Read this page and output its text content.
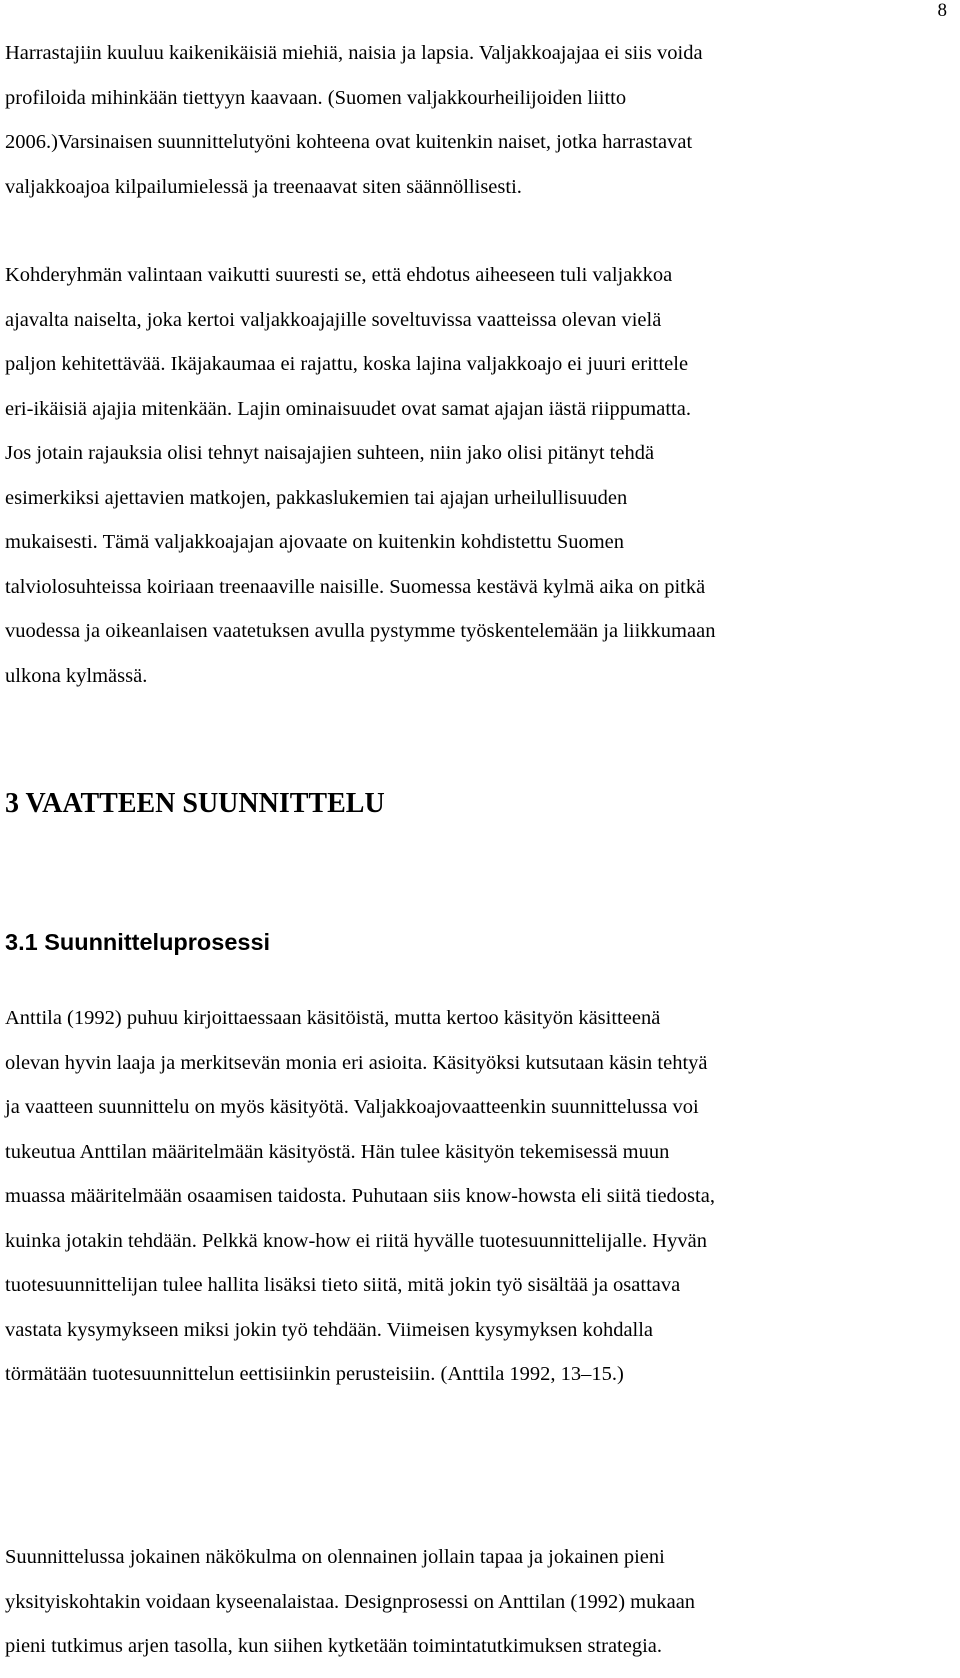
8
Harrastajiin kuuluu kaikenikäisiä miehiä, naisia ja lapsia. Valjakkoajajaa ei siis voida
profiloida mihinkään tiettyyn kaavaan. (Suomen valjakkourheilijoiden liitto
2006.)Varsinaisen suunnittelutyöni kohteena ovat kuitenkin naiset, jotka harrastavat
valjakkoajoa kilpailumielessä ja treenaavat siten säännöllisesti.
Kohderyhmän valintaan vaikutti suuresti se, että ehdotus aiheeseen tuli valjakkoa
ajavalta naiselta, joka kertoi valjakkoajajille soveltuvissa vaatteissa olevan vielä
paljon kehitettävää. Ikäjakaumaa ei rajattu, koska lajina valjakkoajo ei juuri erittele
eri-ikäisiä ajajia mitenkään. Lajin ominaisuudet ovat samat ajajan iästä riippumatta.
Jos jotain rajauksia olisi tehnyt naisajajien suhteen, niin jako olisi pitänyt tehdä
esimerkiksi ajettavien matkojen, pakkaslukemien tai ajajan urheilullisuuden
mukaisesti. Tämä valjakkoajajan ajovaate on kuitenkin kohdistettu Suomen
talviolosuhteissa koiriaan treenaaville naisille. Suomessa kestävä kylmä aika on pitkä
vuodessa ja oikeanlaisen vaatetuksen avulla pystymme työskentelemään ja liikkumaan
ulkona kylmässä.
3 VAATTEEN SUUNNITTELU
3.1 Suunnitteluprosessi
Anttila (1992) puhuu kirjoittaessaan käsitöistä, mutta kertoo käsityön käsitteenä
olevan hyvin laaja ja merkitsevän monia eri asioita. Käsityöksi kutsutaan käsin tehtyä
ja vaatteen suunnittelu on myös käsityötä. Valjakkoajovaatteenkin suunnittelussa voi
tukeutua Anttilan määritelmään käsityöstä. Hän tulee käsityön tekemisessä muun
muassa määritelmään osaamisen taidosta. Puhutaan siis know-howsta eli siitä tiedosta,
kuinka jotakin tehdään. Pelkkä know-how ei riitä hyvälle tuotesuunnittelijalle. Hyvän
tuotesuunnittelijan tulee hallita lisäksi tieto siitä, mitä jokin työ sisältää ja osattava
vastata kysymykseen miksi jokin työ tehdään. Viimeisen kysymyksen kohdalla
törmätään tuotesuunnittelun eettisiinkin perusteisiin. (Anttila 1992, 13–15.)
Suunnittelussa jokainen näkökulma on olennainen jollain tapaa ja jokainen pieni
yksityiskohtakin voidaan kyseenalaistaa. Designprosessi on Anttilan (1992) mukaan
pieni tutkimus arjen tasolla, kun siihen kytketään toimintatutkimuksen strategia.
